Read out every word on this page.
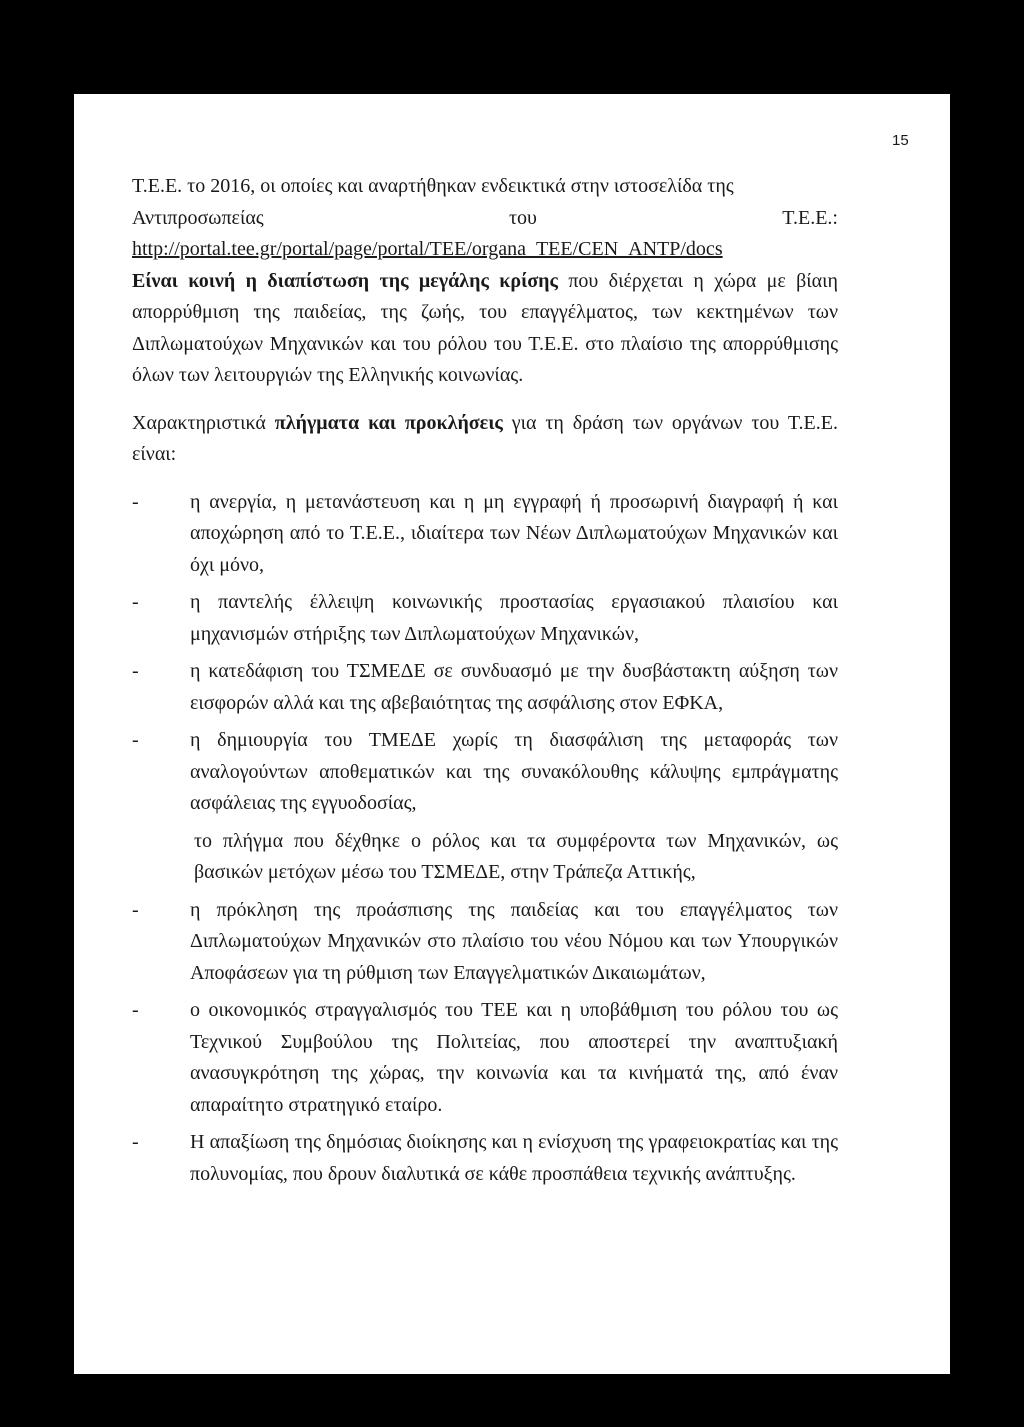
15

Τ.Ε.Ε. το 2016, οι οποίες και αναρτήθηκαν ενδεικτικά στην ιστοσελίδα της

Αντιπροσωπείας	του	Τ.Ε.Ε.:

http://portal.tee.gr/portal/page/portal/TEE/organa_TEE/CEN_ANTP/docs

Είναι κοινή η διαπίστωση της μεγάλης κρίσης που διέρχεται η χώρα με βίαιη απορρύθμιση της παιδείας, της ζωής, του επαγγέλματος, των κεκτημένων των Διπλωματούχων Μηχανικών και του ρόλου του Τ.Ε.Ε. στο πλαίσιο της απορρύθμισης όλων των λειτουργιών της Ελληνικής κοινωνίας.

Χαρακτηριστικά πλήγματα και προκλήσεις για τη δράση των οργάνων του Τ.Ε.Ε. είναι:

-	η ανεργία, η μετανάστευση και η μη εγγραφή ή προσωρινή διαγραφή ή και αποχώρηση από το Τ.Ε.Ε., ιδιαίτερα των Νέων Διπλωματούχων Μηχανικών και όχι μόνο,
-	η παντελής έλλειψη κοινωνικής προστασίας εργασιακού πλαισίου και μηχανισμών στήριξης των Διπλωματούχων Μηχανικών,
-	η κατεδάφιση του ΤΣΜΕΔΕ σε συνδυασμό με την δυσβάστακτη αύξηση των εισφορών αλλά και της αβεβαιότητας της ασφάλισης στον ΕΦΚΑ,
-	η δημιουργία του ΤΜΕΔΕ χωρίς τη διασφάλιση της μεταφοράς των αναλογούντων αποθεματικών και της συνακόλουθης κάλυψης εμπράγματης ασφάλειας της εγγυοδοσίας,
το πλήγμα που δέχθηκε ο ρόλος και τα συμφέροντα των Μηχανικών, ως βασικών μετόχων μέσω του ΤΣΜΕΔΕ, στην Τράπεζα Αττικής,
-	η πρόκληση της προάσπισης της παιδείας και του επαγγέλματος των Διπλωματούχων Μηχανικών στο πλαίσιο του νέου Νόμου και των Υπουργικών Αποφάσεων για τη ρύθμιση των Επαγγελματικών Δικαιωμάτων,
-	ο οικονομικός στραγγαλισμός του ΤΕΕ και η υποβάθμιση του ρόλου του ως Τεχνικού Συμβούλου της Πολιτείας, που αποστερεί την αναπτυξιακή ανασυγκρότηση της χώρας, την κοινωνία και τα κινήματά της, από έναν απαραίτητο στρατηγικό εταίρο.
-	Η απαξίωση της δημόσιας διοίκησης και η ενίσχυση της γραφειοκρατίας και της πολυνομίας, που δρουν διαλυτικά σε κάθε προσπάθεια τεχνικής ανάπτυξης.
